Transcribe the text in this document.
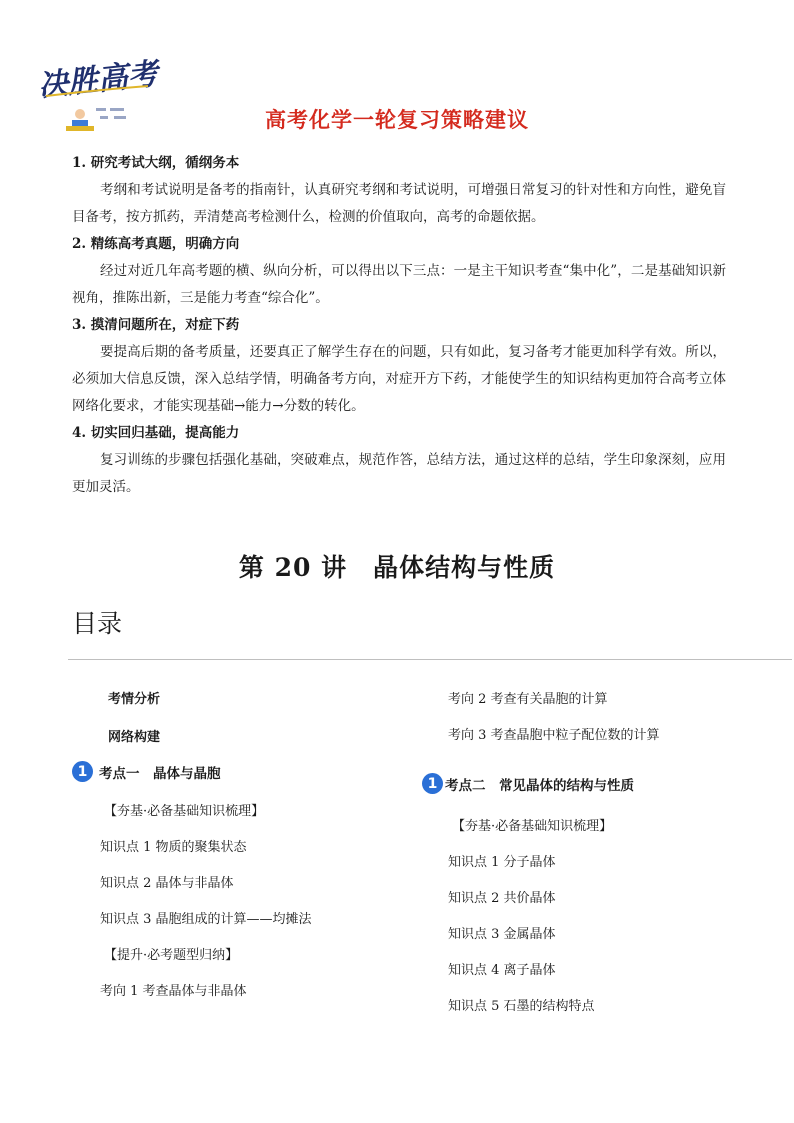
决胜高考
高考化学一轮复习策略建议
1. 研究考试大纲，循纲务本

考纲和考试说明是备考的指南针，认真研究考纲和考试说明，可增强日常复习的针对性和方向性，避免盲目备考，按方抓药，弄清楚高考检测什么，检测的价值取向，高考的命题依据。

2. 精练高考真题，明确方向

经过对近几年高考题的横、纵向分析，可以得出以下三点：一是主干知识考查“集中化”，二是基础知识新视角，推陈出新，三是能力考查“综合化”。

3. 摸清问题所在，对症下药

要提高后期的备考质量，还要真正了解学生存在的问题，只有如此，复习备考才能更加科学有效。所以，必须加大信息反馈，深入总结学情，明确备考方向，对症开方下药，才能使学生的知识结构更加符合高考立体网络化要求，才能实现基础→能力→分数的转化。

4. 切实回归基础，提高能力

复习训练的步骤包括强化基础，突破难点，规范作答，总结方法，通过这样的总结，学生印象深刻，应用更加灵活。

第 20 讲　晶体结构与性质
目录
考情分析
网络构建
1 考点一　晶体与晶胞
【夯基·必备基础知识梳理】
知识点 1 物质的聚集状态
知识点 2 晶体与非晶体
知识点 3 晶胞组成的计算——均摊法
【提升·必考题型归纳】
考向 1 考查晶体与非晶体
考向 2 考查有关晶胞的计算
考向 3 考查晶胞中粒子配位数的计算
1 考点二　常见晶体的结构与性质
【夯基·必备基础知识梳理】
知识点 1 分子晶体
知识点 2 共价晶体
知识点 3 金属晶体
知识点 4 离子晶体
知识点 5 石墨的结构特点
